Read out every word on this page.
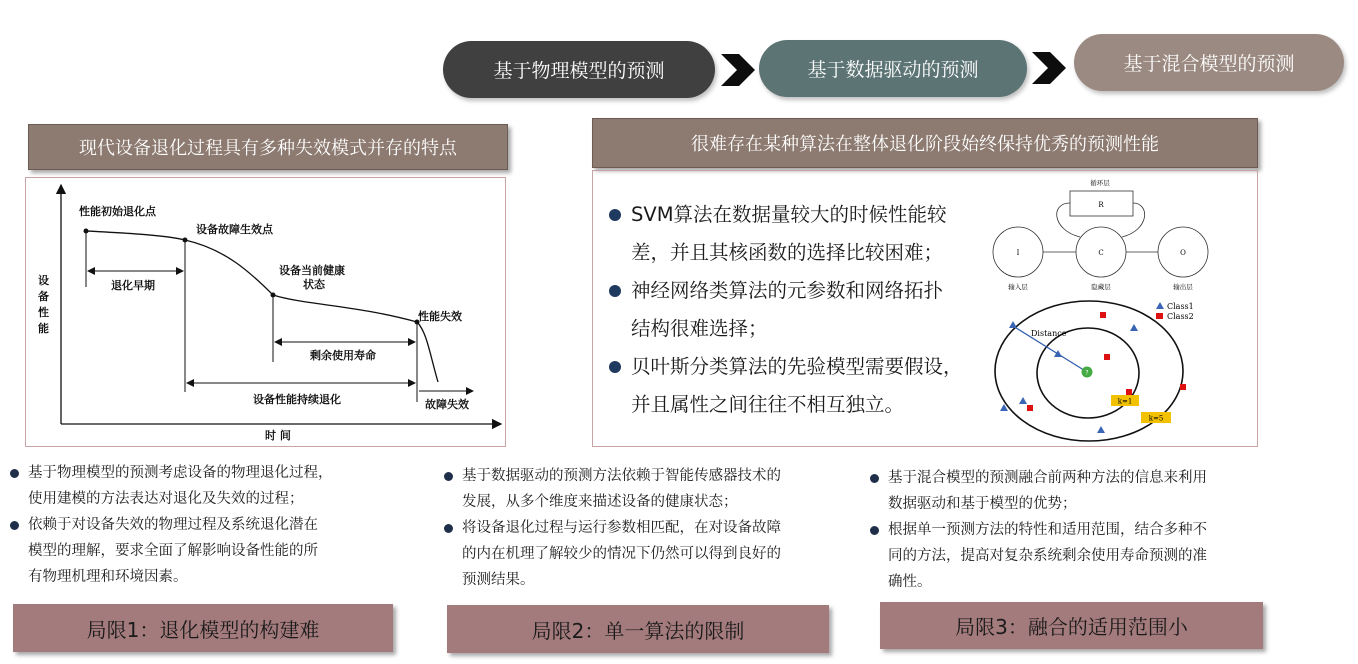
基于物理模型的预测	基于数据驱动的预测	基于混合模型的预测
现代设备退化过程具有多种失效模式并存的特点
设
备
性
能
时 间
性能初始退化点
设备故障生效点
设备当前健康
状态
性能失效
退化早期
剩余使用寿命
设备性能持续退化	故障失效
很难存在某种算法在整体退化阶段始终保持优秀的预测性能
SVM算法在数据量较大的时候性能较
差，并且其核函数的选择比较困难；
神经网络类算法的元参数和网络拓扑
结构很难选择；
贝叶斯分类算法的先验模型需要假设，
并且属性之间往往不相互独立。
循环层
R
I	C	O
输入层	隐藏层	输出层
Distance
?
k=1
k=5
Class1
Class2
基于物理模型的预测考虑设备的物理退化过程，
使用建模的方法表达对退化及失效的过程；
依赖于对设备失效的物理过程及系统退化潜在
模型的理解，要求全面了解影响设备性能的所
有物理机理和环境因素。
基于数据驱动的预测方法依赖于智能传感器技术的
发展，从多个维度来描述设备的健康状态；
将设备退化过程与运行参数相匹配，在对设备故障
的内在机理了解较少的情况下仍然可以得到良好的
预测结果。
基于混合模型的预测融合前两种方法的信息来利用
数据驱动和基于模型的优势；
根据单一预测方法的特性和适用范围，结合多种不
同的方法，提高对复杂系统剩余使用寿命预测的准
确性。
局限1：退化模型的构建难	局限2：单一算法的限制	局限3：融合的适用范围小
